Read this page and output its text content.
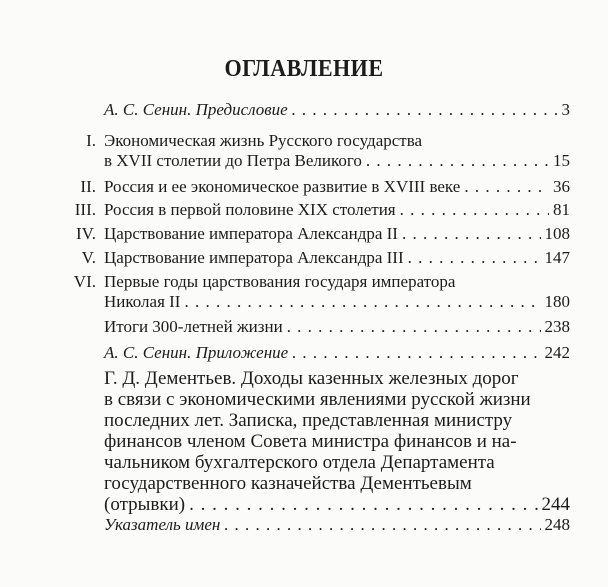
ОГЛАВЛЕНИЕ
А. С. Сенин. Предисловие . . .	3
I. Экономическая жизнь Русского государства
в XVII столетии до Петра Великого . . .	15
II. Россия и ее экономическое развитие в XVIII веке . . .	36
III. Россия в первой половине XIX столетия . . .	81
IV. Царствование императора Александра II . . .	108
V. Царствование императора Александра III . . .	147
VI. Первые годы царствования государя императора
Николая II . . .	180
Итоги 300-летней жизни . . .	238
А. С. Сенин. Приложение . . .	242
Г. Д. Дементьев. Доходы казенных железных дорог
в связи с экономическими явлениями русской жизни
последних лет. Записка, представленная министру
финансов членом Совета министра финансов и на-
чальником бухгалтерского отдела Департамента
государственного казначейства Дементьевым
(отрывки) . . .	244
Указатель имен . . .	248
